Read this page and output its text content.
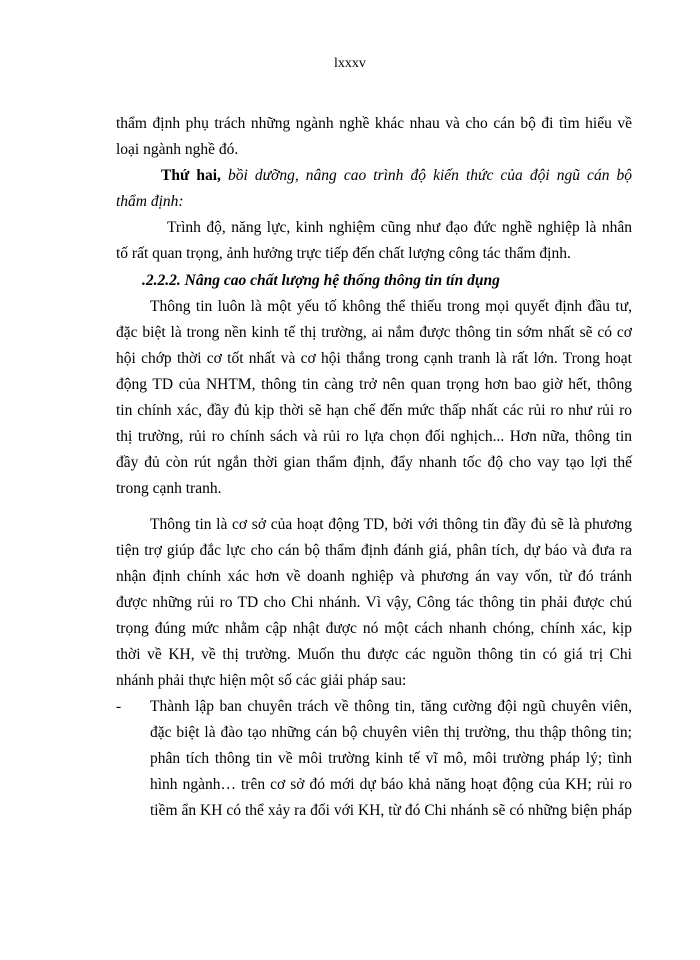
lxxxv
thẩm định phụ trách những ngành nghề khác nhau và cho cán bộ đi tìm hiểu về
loại ngành nghề đó.
Thứ hai, bồi dưỡng, nâng cao trình độ kiến thức của đội ngũ cán bộ
thẩm định:
Trình độ, năng lực, kinh nghiệm cũng như đạo đức nghề nghiệp là nhân
tố rất quan trọng, ảnh hưởng trực tiếp đến chất lượng công tác thẩm định.
.2.2.2. Nâng cao chất lượng hệ thống thông tin tín dụng
Thông tin luôn là một yếu tố không thể thiếu trong mọi quyết định đầu tư,
đặc biệt là trong nền kinh tế thị trường, ai nắm được thông tin sớm nhất sẽ có cơ
hội chớp thời cơ tốt nhất và cơ hội thắng trong cạnh tranh là rất lớn. Trong hoạt
động TD của NHTM, thông tin càng trở nên quan trọng hơn bao giờ hết, thông
tin chính xác, đầy đủ kịp thời sẽ hạn chế đến mức thấp nhất các rủi ro như rủi ro
thị trường, rủi ro chính sách và rủi ro lựa chọn đối nghịch... Hơn nữa, thông tin
đầy đủ còn rút ngắn thời gian thẩm định, đẩy nhanh tốc độ cho vay tạo lợi thế
trong cạnh tranh.
Thông tin là cơ sở của hoạt động TD, bởi với thông tin đầy đủ sẽ là phương
tiện trợ giúp đắc lực cho cán bộ thẩm định đánh giá, phân tích, dự báo và đưa ra
nhận định chính xác hơn về doanh nghiệp và phương án vay vốn, từ đó tránh
được những rủi ro TD cho Chi nhánh. Vì vậy, Công tác thông tin phải được chú
trọng đúng mức nhằm cập nhật được nó một cách nhanh chóng, chính xác, kịp
thời về KH, về thị trường. Muốn thu được các nguồn thông tin có giá trị Chi
nhánh phải thực hiện một số các giải pháp sau:
-	Thành lập ban chuyên trách về thông tin, tăng cường đội ngũ chuyên viên,
đặc biệt là đào tạo những cán bộ chuyên viên thị trường, thu thập thông tin;
phân tích thông tin về môi trường kinh tế vĩ mô, môi trường pháp lý; tình
hình ngành… trên cơ sở đó mới dự báo khả năng hoạt động của KH; rủi ro
tiềm ẩn KH có thể xảy ra đối với KH, từ đó Chi nhánh sẽ có những biện pháp
